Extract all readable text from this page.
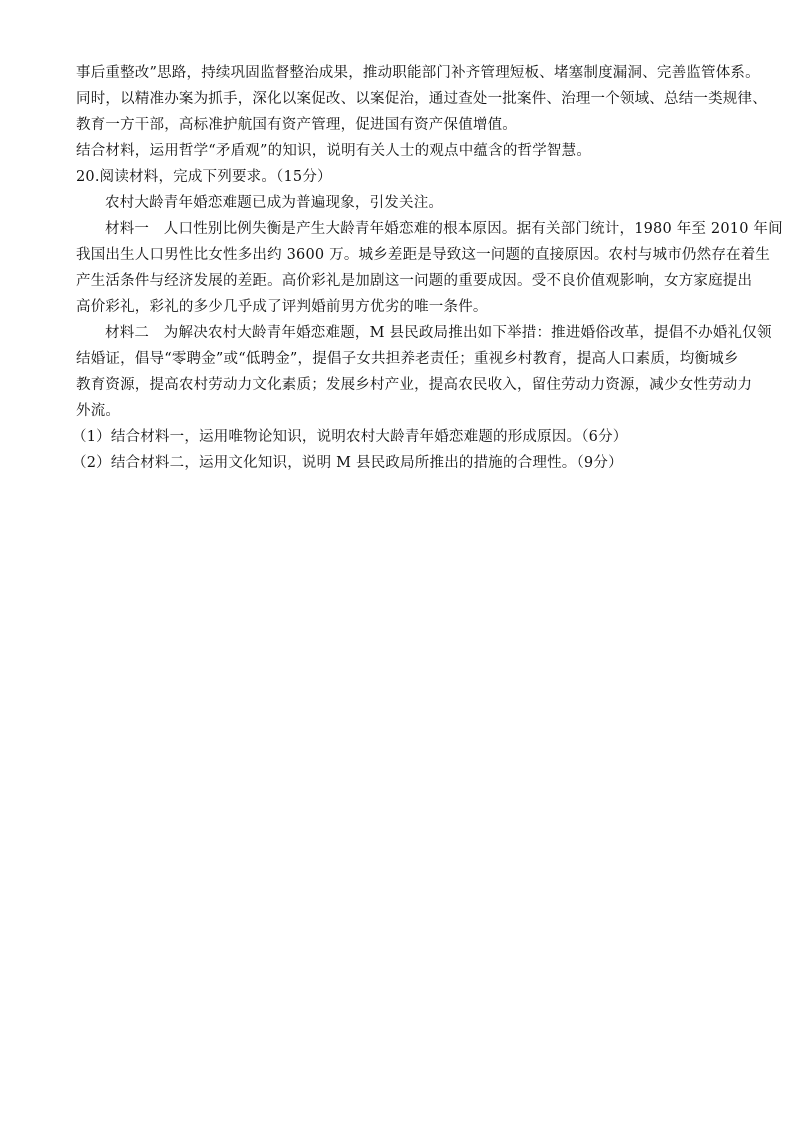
事后重整改”思路，持续巩固监督整治成果，推动职能部门补齐管理短板、堵塞制度漏洞、完善监管体系。
同时，以精准办案为抓手，深化以案促改、以案促治，通过查处一批案件、治理一个领域、总结一类规律、
教育一方干部，高标准护航国有资产管理，促进国有资产保值增值。
结合材料，运用哲学“矛盾观”的知识，说明有关人士的观点中蕴含的哲学智慧。
20.阅读材料，完成下列要求。（15分）
农村大龄青年婚恋难题已成为普遍现象，引发关注。
材料一　人口性别比例失衡是产生大龄青年婚恋难的根本原因。据有关部门统计，1980 年至 2010 年间
我国出生人口男性比女性多出约 3600 万。城乡差距是导致这一问题的直接原因。农村与城市仍然存在着生
产生活条件与经济发展的差距。高价彩礼是加剧这一问题的重要成因。受不良价值观影响，女方家庭提出
高价彩礼，彩礼的多少几乎成了评判婚前男方优劣的唯一条件。
材料二　为解决农村大龄青年婚恋难题，M 县民政局推出如下举措：推进婚俗改革，提倡不办婚礼仅领
结婚证，倡导“零聘金”或“低聘金”，提倡子女共担养老责任；重视乡村教育，提高人口素质，均衡城乡
教育资源，提高农村劳动力文化素质；发展乡村产业，提高农民收入，留住劳动力资源，减少女性劳动力
外流。
（1）结合材料一，运用唯物论知识，说明农村大龄青年婚恋难题的形成原因。（6分）
（2）结合材料二，运用文化知识，说明 M 县民政局所推出的措施的合理性。（9分）
